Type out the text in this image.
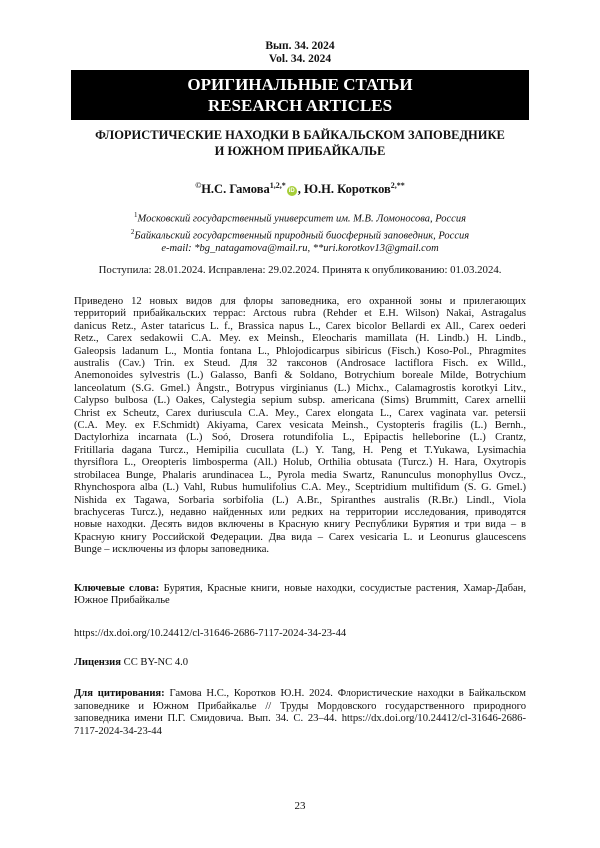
Вып. 34. 2024
Vol. 34. 2024
ОРИГИНАЛЬНЫЕ СТАТЬИ
RESEARCH ARTICLES
ФЛОРИСТИЧЕСКИЕ НАХОДКИ В БАЙКАЛЬСКОМ ЗАПОВЕДНИКЕ
И ЮЖНОМ ПРИБАЙКАЛЬЕ
©Н.С. Гамова$^{1,2,*}$iD , Ю.Н. Коротков$^{2,**}$
$^1$Московский государственный университет им. М.В. Ломоносова, Россия
$^2$Байкальский государственный природный биосферный заповедник, Россия
e-mail: *bg_natagamova@mail.ru, **uri.korotkov13@gmail.com
Поступила: 28.01.2024. Исправлена: 29.02.2024. Принята к опубликованию: 01.03.2024.
Приведено 12 новых видов для флоры заповедника, его охранной зоны и прилегающих
территорий прибайкальских террас: Arctous rubra (Rehder et E.H. Wilson) Nakai, Astragalus
danicus Retz., Aster tataricus L. f., Brassica napus L., Carex bicolor Bellardi ex All., Carex oederi
Retz., Carex sedakowii C.A. Mey. ex Meinsh., Eleocharis mamillata (H. Lindb.) H. Lindb.,
Galeopsis ladanum L., Montia fontana L., Phlojodicarpus sibiricus (Fisch.) Koso-Pol., Phragmites
australis (Cav.) Trin. ex Steud. Для 32 таксонов (Androsace lactiflora Fisch. ex Willd.,
Anemonoides sylvestris (L.) Galasso, Banfi & Soldano, Botrychium boreale Milde, Botrychium
lanceolatum (S.G. Gmel.) Ångstr., Botrypus virginianus (L.) Michx., Calamagrostis korotkyi Litv.,
Calypso bulbosa (L.) Oakes, Calystegia sepium subsp. americana (Sims) Brummitt, Carex arnellii
Christ ex Scheutz, Carex duriuscula C.A. Mey., Carex elongata L., Carex vaginata var. petersii
(C.A. Mey. ex F.Schmidt) Akiyama, Carex vesicata Meinsh., Cystopteris fragilis (L.) Bernh.,
Dactylorhiza incarnata (L.) Soó, Drosera rotundifolia L., Epipactis helleborine (L.) Crantz,
Fritillaria dagana Turcz., Hemipilia cucullata (L.) Y. Tang, H. Peng et T.Yukawa, Lysimachia
thyrsiflora L., Oreopteris limbosperma (All.) Holub, Orthilia obtusata (Turcz.) H. Hara, Oxytropis
strobilacea Bunge, Phalaris arundinacea L., Pyrola media Swartz, Ranunculus monophyllus Ovcz.,
Rhynchospora alba (L.) Vahl, Rubus humulifolius C.A. Mey., Sceptridium multifidum (S. G. Gmel.)
Nishida ex Tagawa, Sorbaria sorbifolia (L.) A.Br., Spiranthes australis (R.Br.) Lindl., Viola
brachyceras Turcz.), недавно найденных или редких на территории исследования, приводятся
новые находки. Десять видов включены в Красную книгу Республики Бурятия и три вида – в
Красную книгу Российской Федерации. Два вида – Carex vesicaria L. и Leonurus glaucescens
Bunge – исключены из флоры заповедника.
Ключевые слова: Бурятия, Красные книги, новые находки, сосудистые растения, Хамар-Дабан, Южное Прибайкалье
https://dx.doi.org/10.24412/cl-31646-2686-7117-2024-34-23-44
Лицензия CC BY-NC 4.0
Для цитирования: Гамова Н.С., Коротков Ю.Н. 2024. Флористические находки в Байкальском заповеднике и Южном Прибайкалье // Труды Мордовского государственного природного заповедника имени П.Г. Смидовича. Вып. 34. С. 23–44. https://dx.doi.org/10.24412/cl-31646-2686-7117-2024-34-23-44
23
